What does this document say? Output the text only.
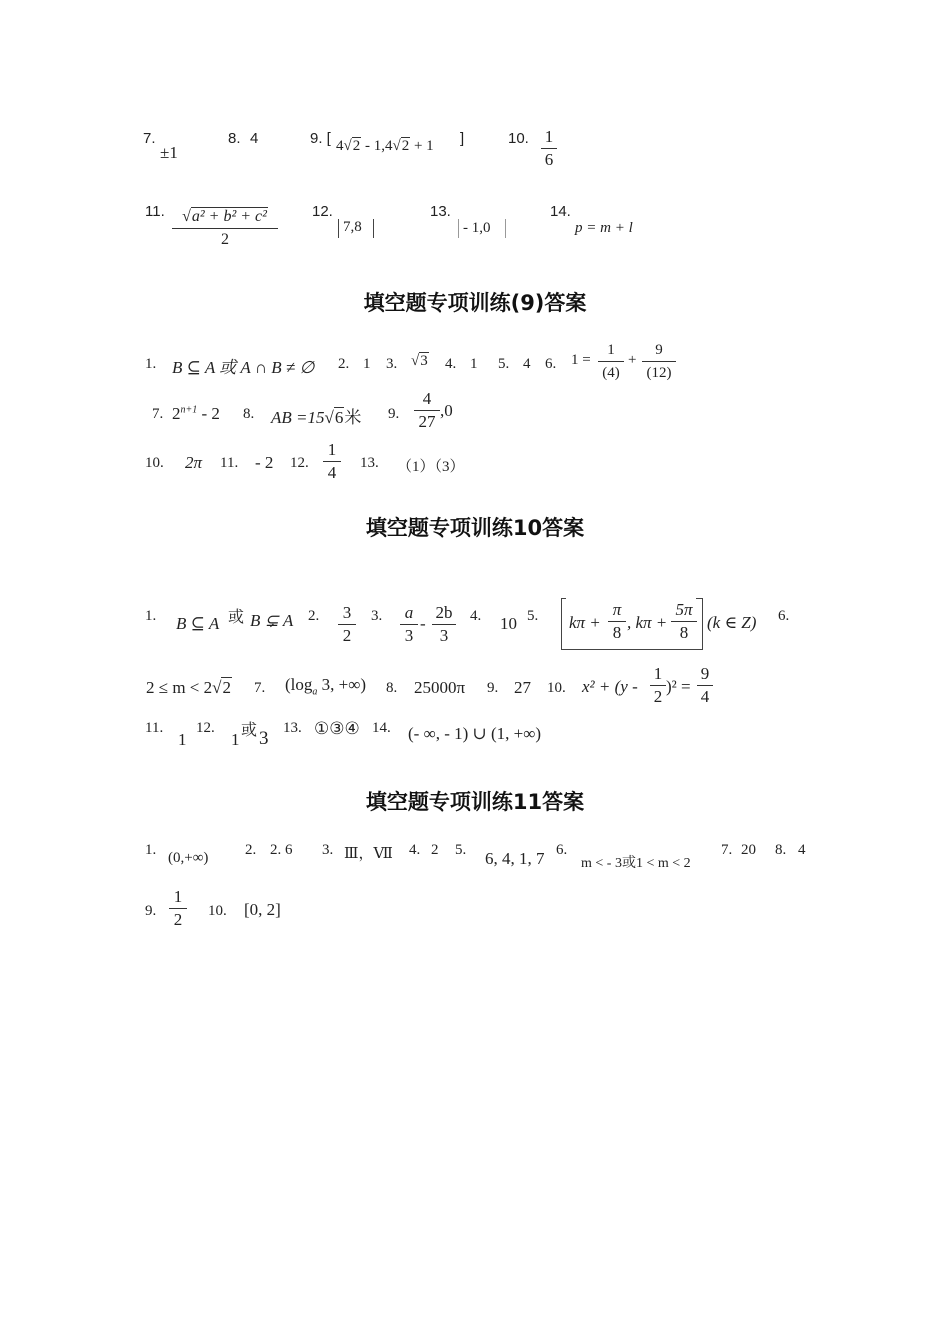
7.
±1
8. 4	9. [ 4√2 - 1,4√2 + 1 ]	10. 1
6
11.	√a² + b² + c²
2
12.
7,8
13.
- 1,0
14.
p = m + l
填空题专项训练(9)答案
1. B ⊆ A 或 A ∩ B ≠ ∅ 2. 1 3. √3 4. 1 5. 4 6. 1 =
1
(4)
+
9
(12)
7. $2^{n+1} - 2$ 8. AB =15√6米 9.
4
27
,0
10. 2π 11. - 2 12.
1
4	13. （1）（3）
填空题专项训练10答案
1. B ⊆ A 或 B ⊊ A 2. 3
2
3. a
3
-
2b
3
4. 10 5. kπ +
π
8
, kπ +
5π
8
(k ∈ Z) 6.
2 ≤ m < 2√2 7. ($\log_a$ 3, +∞) 8. 25000π 9. 27 10. x² + (y -
1
2
)² =
9
4
11.
1
12.
1 或 3 13. ①③④ 14. (- ∞, - 1) ∪ (1, +∞)
填空题专项训练11答案
1. (0,+∞) 2. 2. 6 3. Ⅲ，Ⅶ 4. 2 5. 6, 4, 1, 7 6.
m < - 3或1 < m < 2
7. 20 8. 4
9.
1
2	10. [0, 2]
